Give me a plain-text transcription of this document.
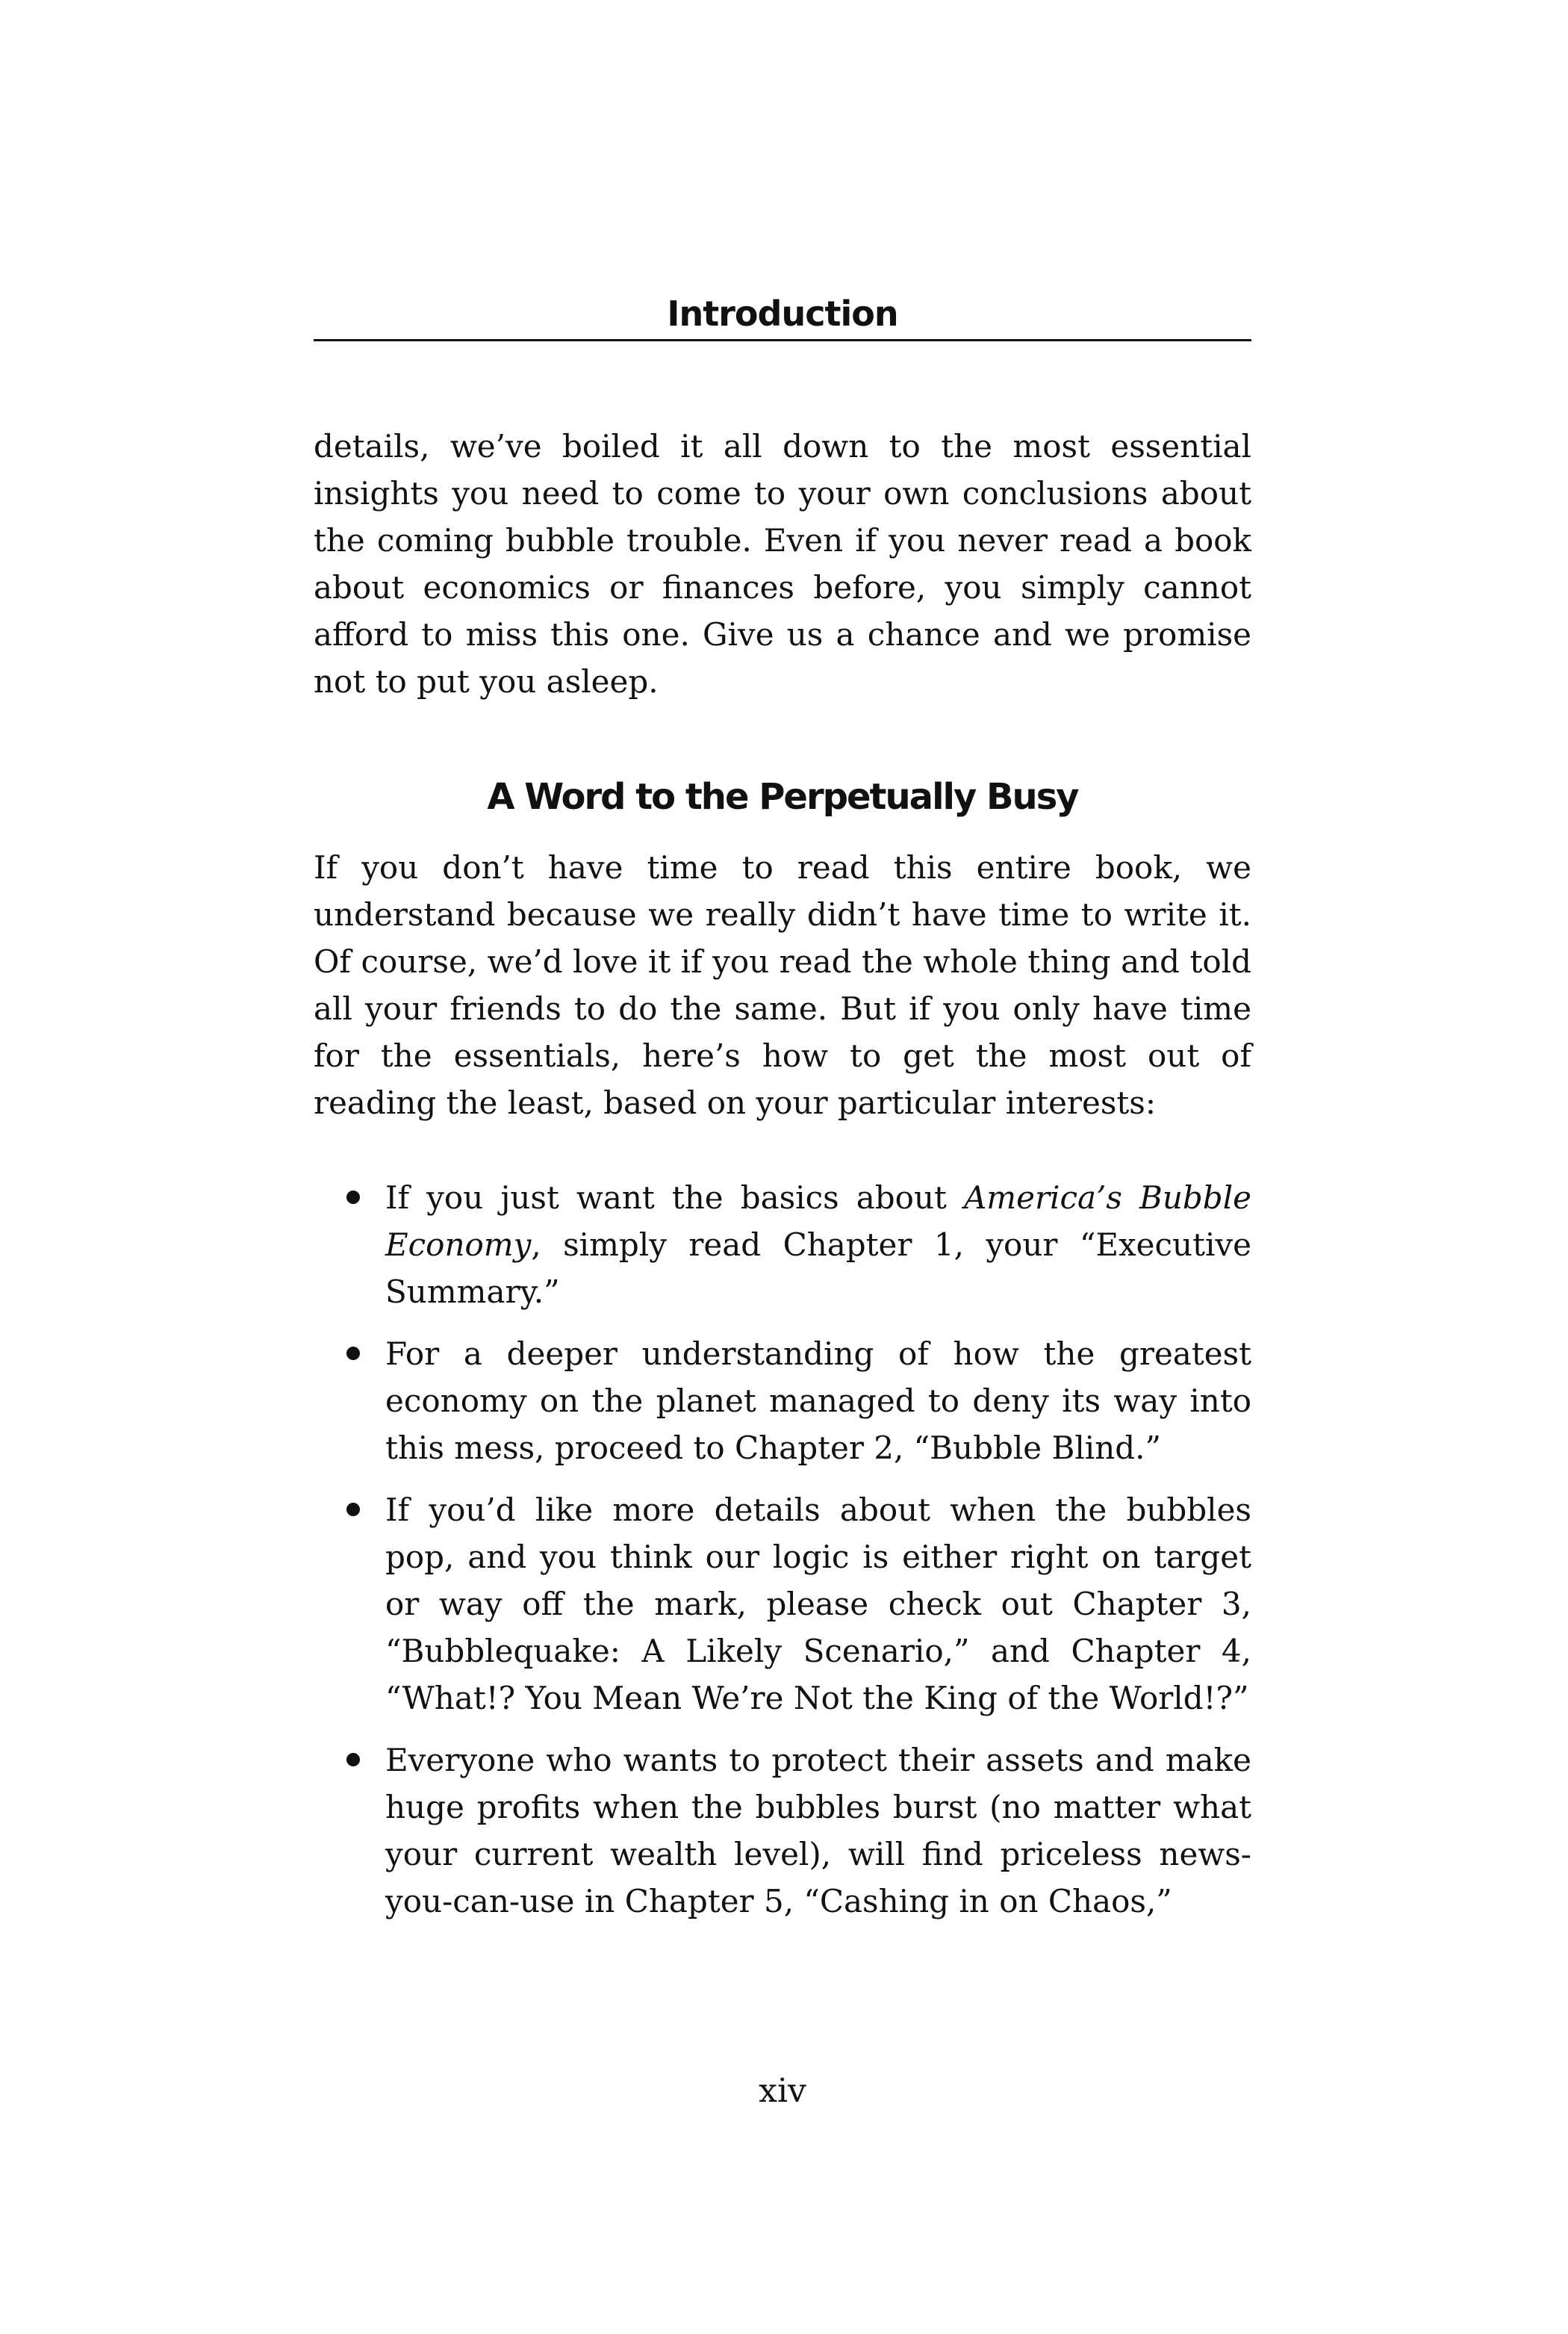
Introduction

details, we’ve boiled it all down to the most essential insights you need to come to your own conclusions about the coming bubble trouble. Even if you never read a book about economics or finances before, you simply cannot afford to miss this one. Give us a chance and we promise not to put you asleep.

A Word to the Perpetually Busy

If you don’t have time to read this entire book, we understand because we really didn’t have time to write it. Of course, we’d love it if you read the whole thing and told all your friends to do the same. But if you only have time for the essentials, here’s how to get the most out of reading the least, based on your particular interests:

If you just want the basics about America’s Bubble Economy, simply read Chapter 1, your “Executive Summary.”
For a deeper understanding of how the greatest economy on the planet managed to deny its way into this mess, proceed to Chapter 2, “Bubble Blind.”
If you’d like more details about when the bubbles pop, and you think our logic is either right on target or way off the mark, please check out Chapter 3, “Bubblequake: A Likely Scenario,” and Chapter 4, “What!? You Mean We’re Not the King of the World!?”
Everyone who wants to protect their assets and make huge profits when the bubbles burst (no matter what your current wealth level), will find priceless news-you-can-use in Chapter 5, “Cashing in on Chaos,”
xiv
